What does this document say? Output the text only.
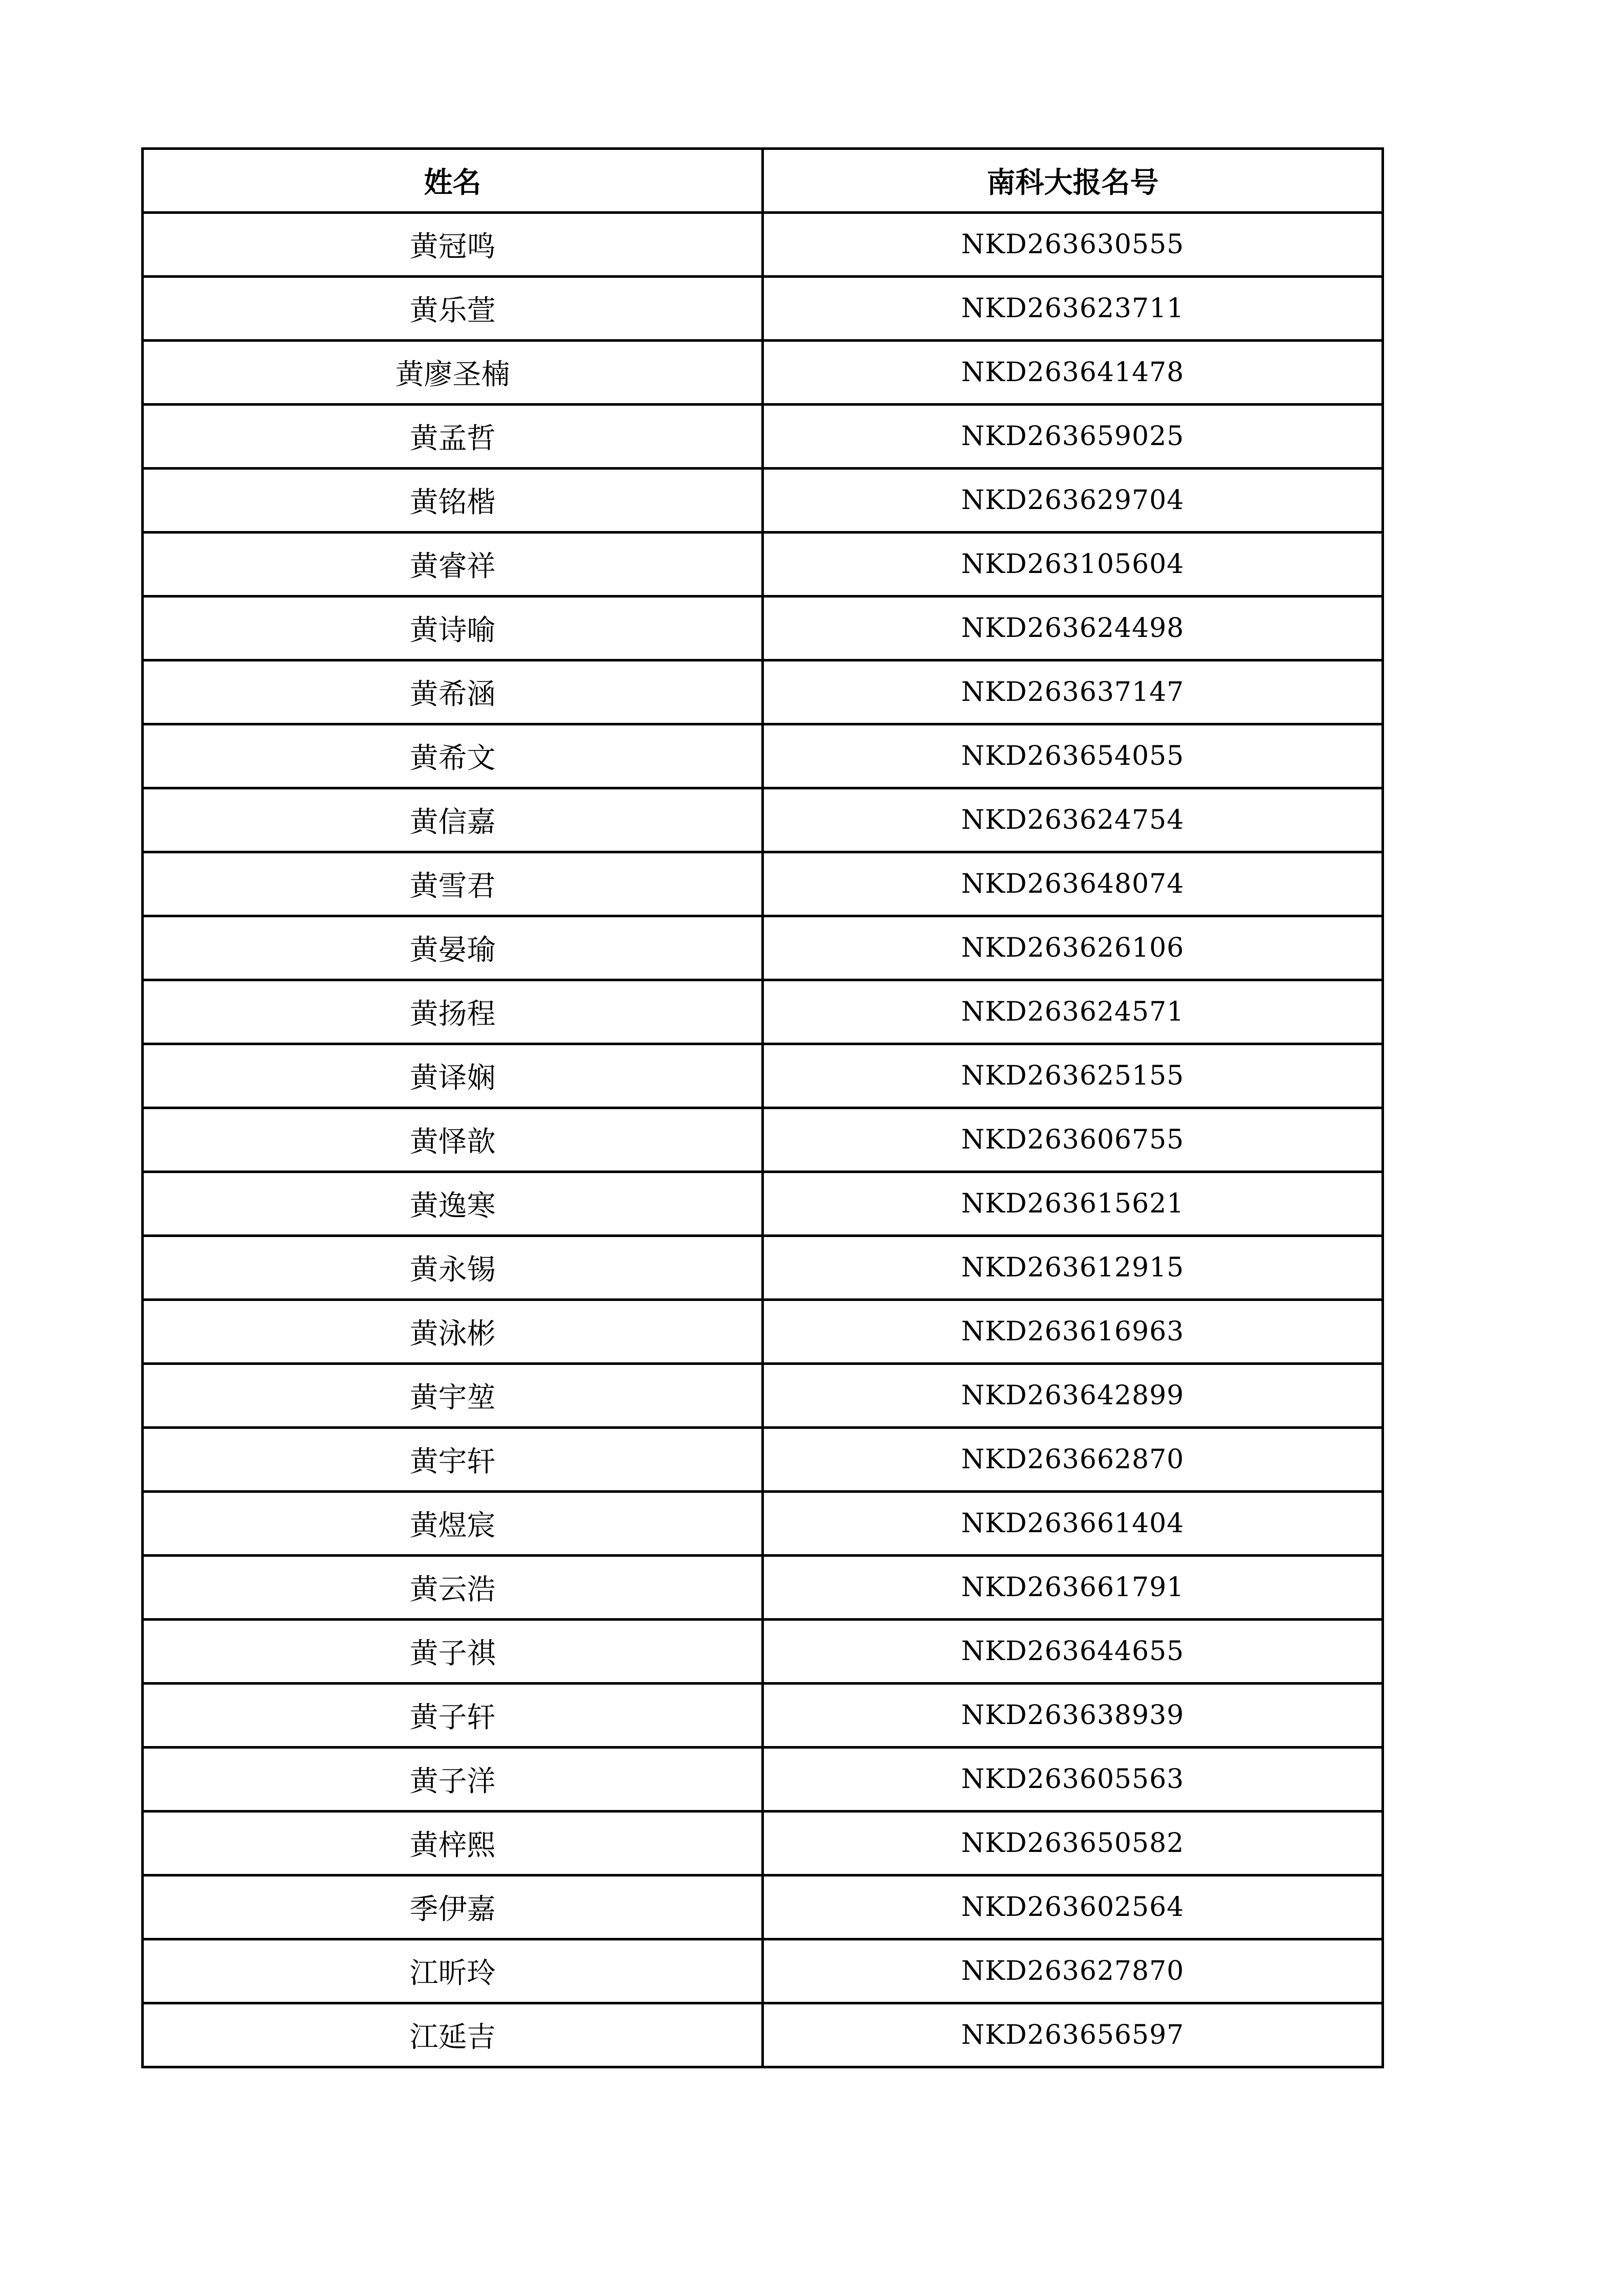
姓名	南科大报名号
黄冠鸣	NKD263630555
黄乐萱	NKD263623711
黄廖圣楠	NKD263641478
黄孟哲	NKD263659025
黄铭楷	NKD263629704
黄睿祥	NKD263105604
黄诗喻	NKD263624498
黄希涵	NKD263637147
黄希文	NKD263654055
黄信嘉	NKD263624754
黄雪君	NKD263648074
黄晏瑜	NKD263626106
黄扬程	NKD263624571
黄译娴	NKD263625155
黄怿歆	NKD263606755
黄逸寒	NKD263615621
黄永锡	NKD263612915
黄泳彬	NKD263616963
黄宇堃	NKD263642899
黄宇轩	NKD263662870
黄煜宸	NKD263661404
黄云浩	NKD263661791
黄子祺	NKD263644655
黄子轩	NKD263638939
黄子洋	NKD263605563
黄梓熙	NKD263650582
季伊嘉	NKD263602564
江昕玲	NKD263627870
江延吉	NKD263656597
